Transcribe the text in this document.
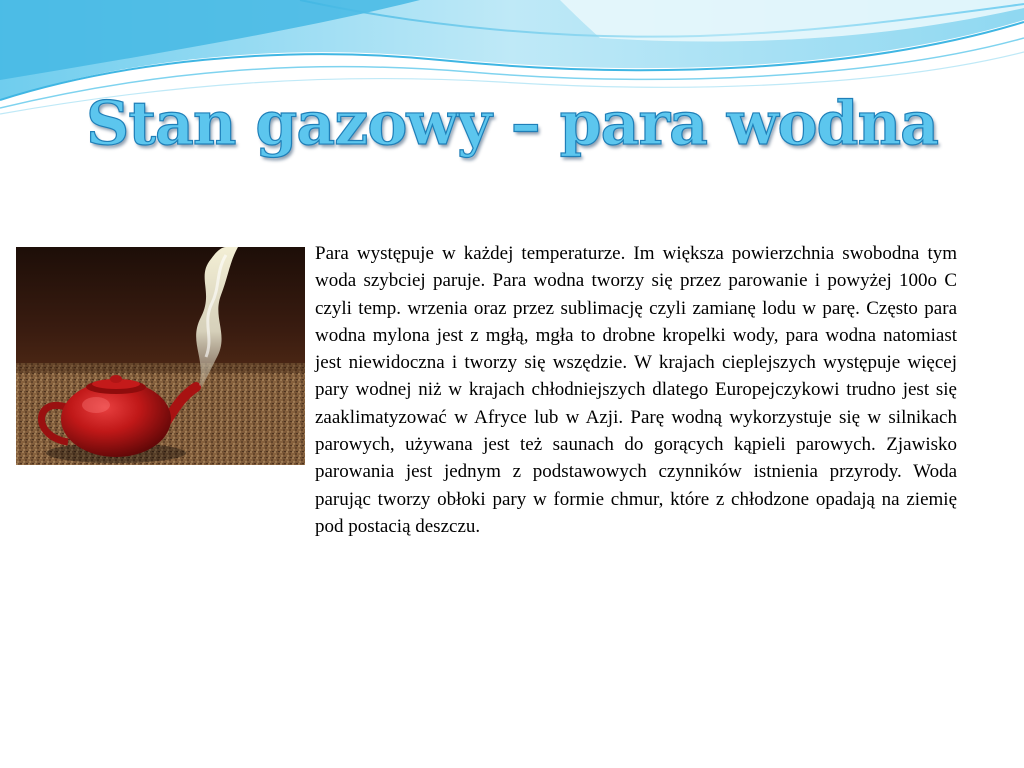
Stan gazowy – para wodna

Para występuje w każdej temperaturze. Im większa powierzchnia swobodna tym woda szybciej paruje. Para wodna tworzy się przez parowanie i powyżej 100o C czyli temp. wrzenia oraz przez sublimację czyli zamianę lodu w parę. Często para wodna mylona jest z mgłą, mgła to drobne kropelki wody, para wodna natomiast jest niewidoczna i tworzy się wszędzie. W krajach cieplejszych występuje więcej pary wodnej niż w krajach chłodniejszych dlatego Europejczykowi trudno jest się zaaklimatyzować w Afryce lub w Azji. Parę wodną wykorzystuje się w silnikach parowych, używana jest też saunach do gorących kąpieli parowych. Zjawisko parowania jest jednym z podstawowych czynników istnienia przyrody. Woda parując tworzy obłoki pary w formie chmur, które z chłodzone opadają na ziemię pod postacią deszczu.
